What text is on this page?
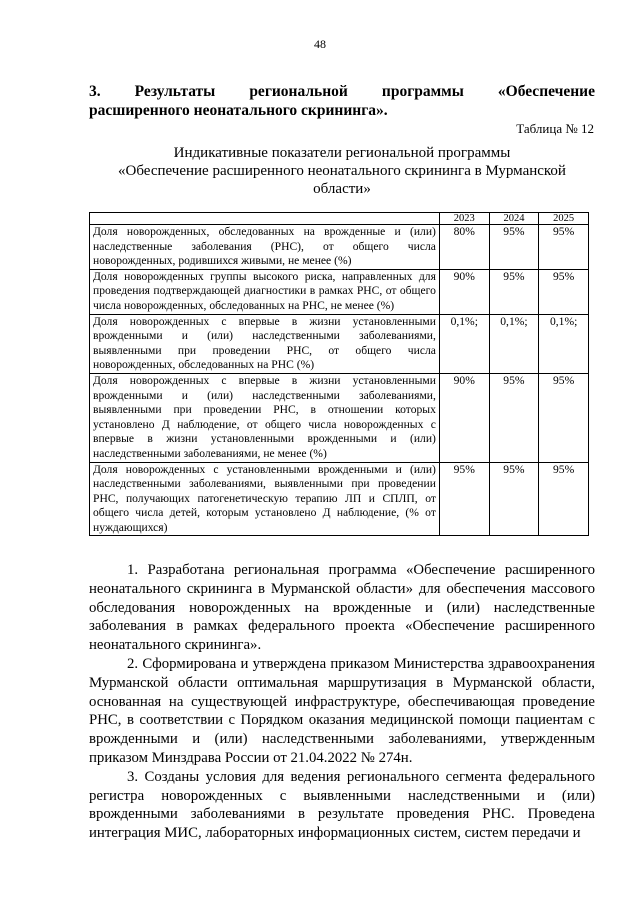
48
3. Результаты региональной программы «Обеспечение
расширенного неонатального скрининга».
Таблица № 12
Индикативные показатели региональной программы
«Обеспечение расширенного неонатального скрининга в Мурманской
области»
	2023	2024	2025
Доля новорожденных, обследованных на врожденные и (или) наследственные заболевания (РНС), от общего числа новорожденных, родившихся живыми, не менее (%)	80%	95%	95%
Доля новорожденных группы высокого риска, направленных для проведения подтверждающей диагностики в рамках РНС, от общего числа новорожденных, обследованных на РНС, не менее (%)	90%	95%	95%
Доля новорожденных с впервые в жизни установленными врожденными и (или) наследственными заболеваниями, выявленными при проведении РНС, от общего числа новорожденных, обследованных на РНС (%)	0,1%;	0,1%;	0,1%;
Доля новорожденных с впервые в жизни установленными врожденными и (или) наследственными заболеваниями, выявленными при проведении РНС, в отношении которых установлено Д наблюдение, от общего числа новорожденных с впервые в жизни установленными врожденными и (или) наследственными заболеваниями, не менее (%)	90%	95%	95%
Доля новорожденных с установленными врожденными и (или) наследственными заболеваниями, выявленными при проведении РНС, получающих патогенетическую терапию ЛП и СПЛП, от общего числа детей, которым установлено Д наблюдение, (% от нуждающихся)	95%	95%	95%

1. Разработана региональная программа «Обеспечение расширенного неонатального скрининга в Мурманской области» для обеспечения массового обследования новорожденных на врожденные и (или) наследственные заболевания в рамках федерального проекта «Обеспечение расширенного неонатального скрининга».

2. Сформирована и утверждена приказом Министерства здравоохранения Мурманской области оптимальная маршрутизация в Мурманской области, основанная на существующей инфраструктуре, обеспечивающая проведение РНС, в соответствии с Порядком оказания медицинской помощи пациентам с врожденными и (или) наследственными заболеваниями, утвержденным приказом Минздрава России от 21.04.2022 № 274н.

3. Созданы условия для ведения регионального сегмента федерального регистра новорожденных с выявленными наследственными и (или) врожденными заболеваниями в результате проведения РНС. Проведена интеграция МИС, лабораторных информационных систем, систем передачи и
